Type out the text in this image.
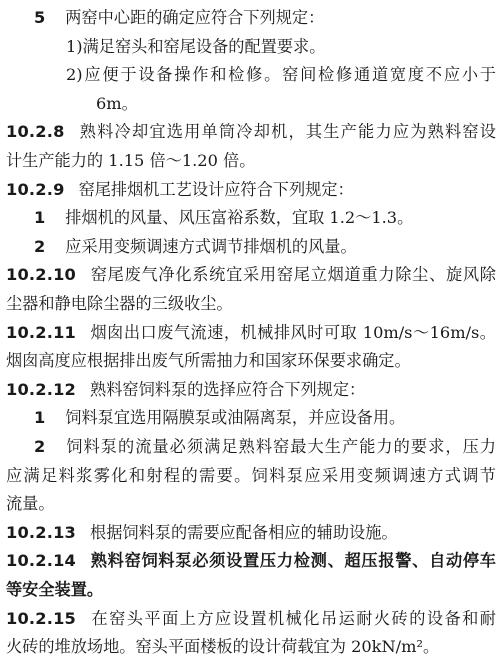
5 两窑中心距的确定应符合下列规定：
1)满足窑头和窑尾设备的配置要求。
2)应便于设备操作和检修。窑间检修通道宽度不应小于
6m。
10.2.8 熟料冷却宜选用单筒冷却机，其生产能力应为熟料窑设
计生产能力的 1.15 倍～1.20 倍。
10.2.9 窑尾排烟机工艺设计应符合下列规定：
1 排烟机的风量、风压富裕系数，宜取 1.2～1.3。
2 应采用变频调速方式调节排烟机的风量。
10.2.10 窑尾废气净化系统宜采用窑尾立烟道重力除尘、旋风除
尘器和静电除尘器的三级收尘。
10.2.11 烟囱出口废气流速，机械排风时可取 10m/s～16m/s。
烟囱高度应根据排出废气所需抽力和国家环保要求确定。
10.2.12 熟料窑饲料泵的选择应符合下列规定：
1 饲料泵宜选用隔膜泵或油隔离泵，并应设备用。
2 饲料泵的流量必须满足熟料窑最大生产能力的要求，压力
应满足料浆雾化和射程的需要。饲料泵应采用变频调速方式调节
流量。
10.2.13 根据饲料泵的需要应配备相应的辅助设施。
10.2.14 熟料窑饲料泵必须设置压力检测、超压报警、自动停车
等安全装置。
10.2.15 在窑头平面上方应设置机械化吊运耐火砖的设备和耐
火砖的堆放场地。窑头平面楼板的设计荷载宜为 20kN/m²。
